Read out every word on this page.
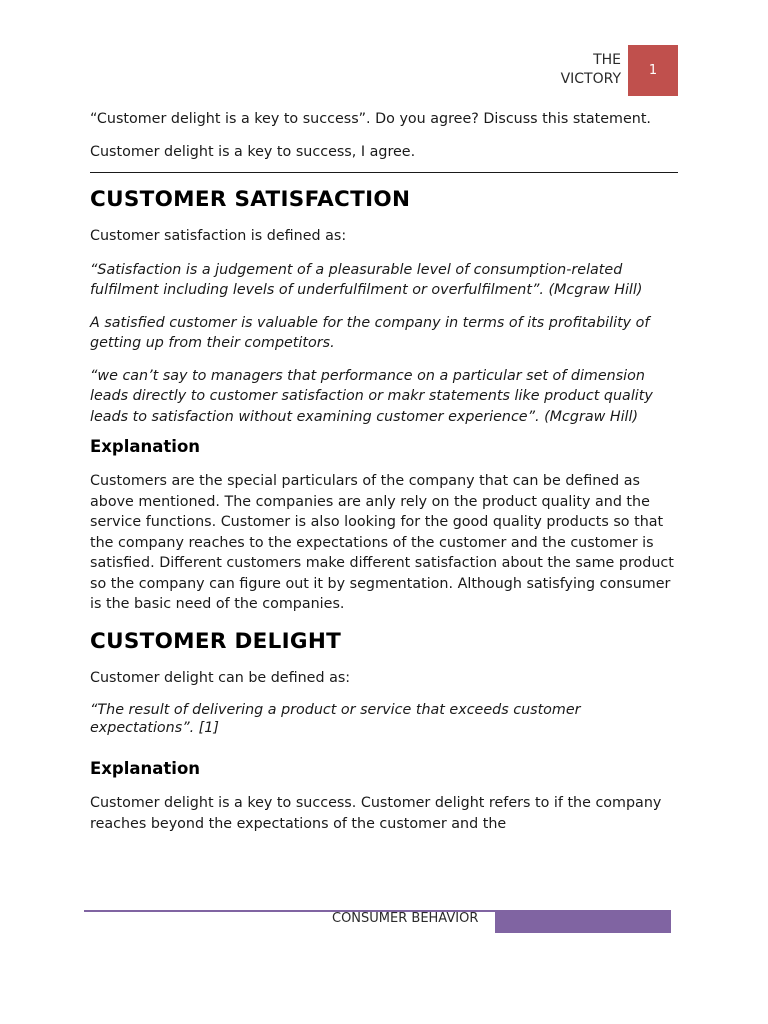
THE
VICTORY
1

“Customer delight is a key to success”. Do you agree? Discuss this statement.

Customer delight is a key to success, I agree.

CUSTOMER SATISFACTION

Customer satisfaction is defined as:

“Satisfaction is a judgement of a pleasurable level of consumption-related fulfilment including levels of underfulfilment or overfulfilment”. (Mcgraw Hill)

A satisfied customer is valuable for the company in terms of its profitability of getting up from their competitors.

“we can’t say to managers that performance on a particular set of dimension leads directly to customer satisfaction or makr statements like product quality leads to satisfaction without examining customer experience”. (Mcgraw Hill)

Explanation

Customers are the special particulars of the company that can be defined as above mentioned. The companies are anly rely on the product quality and the service functions. Customer is also looking for the good quality products so that the company reaches to the expectations of the customer and the customer is satisfied. Different customers make different satisfaction about the same product so the company can figure out it by segmentation. Although satisfying consumer is the basic need of the companies.

CUSTOMER DELIGHT

Customer delight can be defined as:

“The result of delivering a product or service that exceeds customer expectations”. [1]

Explanation

Customer delight is a key to success. Customer delight refers to if the company reaches beyond the expectations of the customer and the

CONSUMER BEHAVIOR
